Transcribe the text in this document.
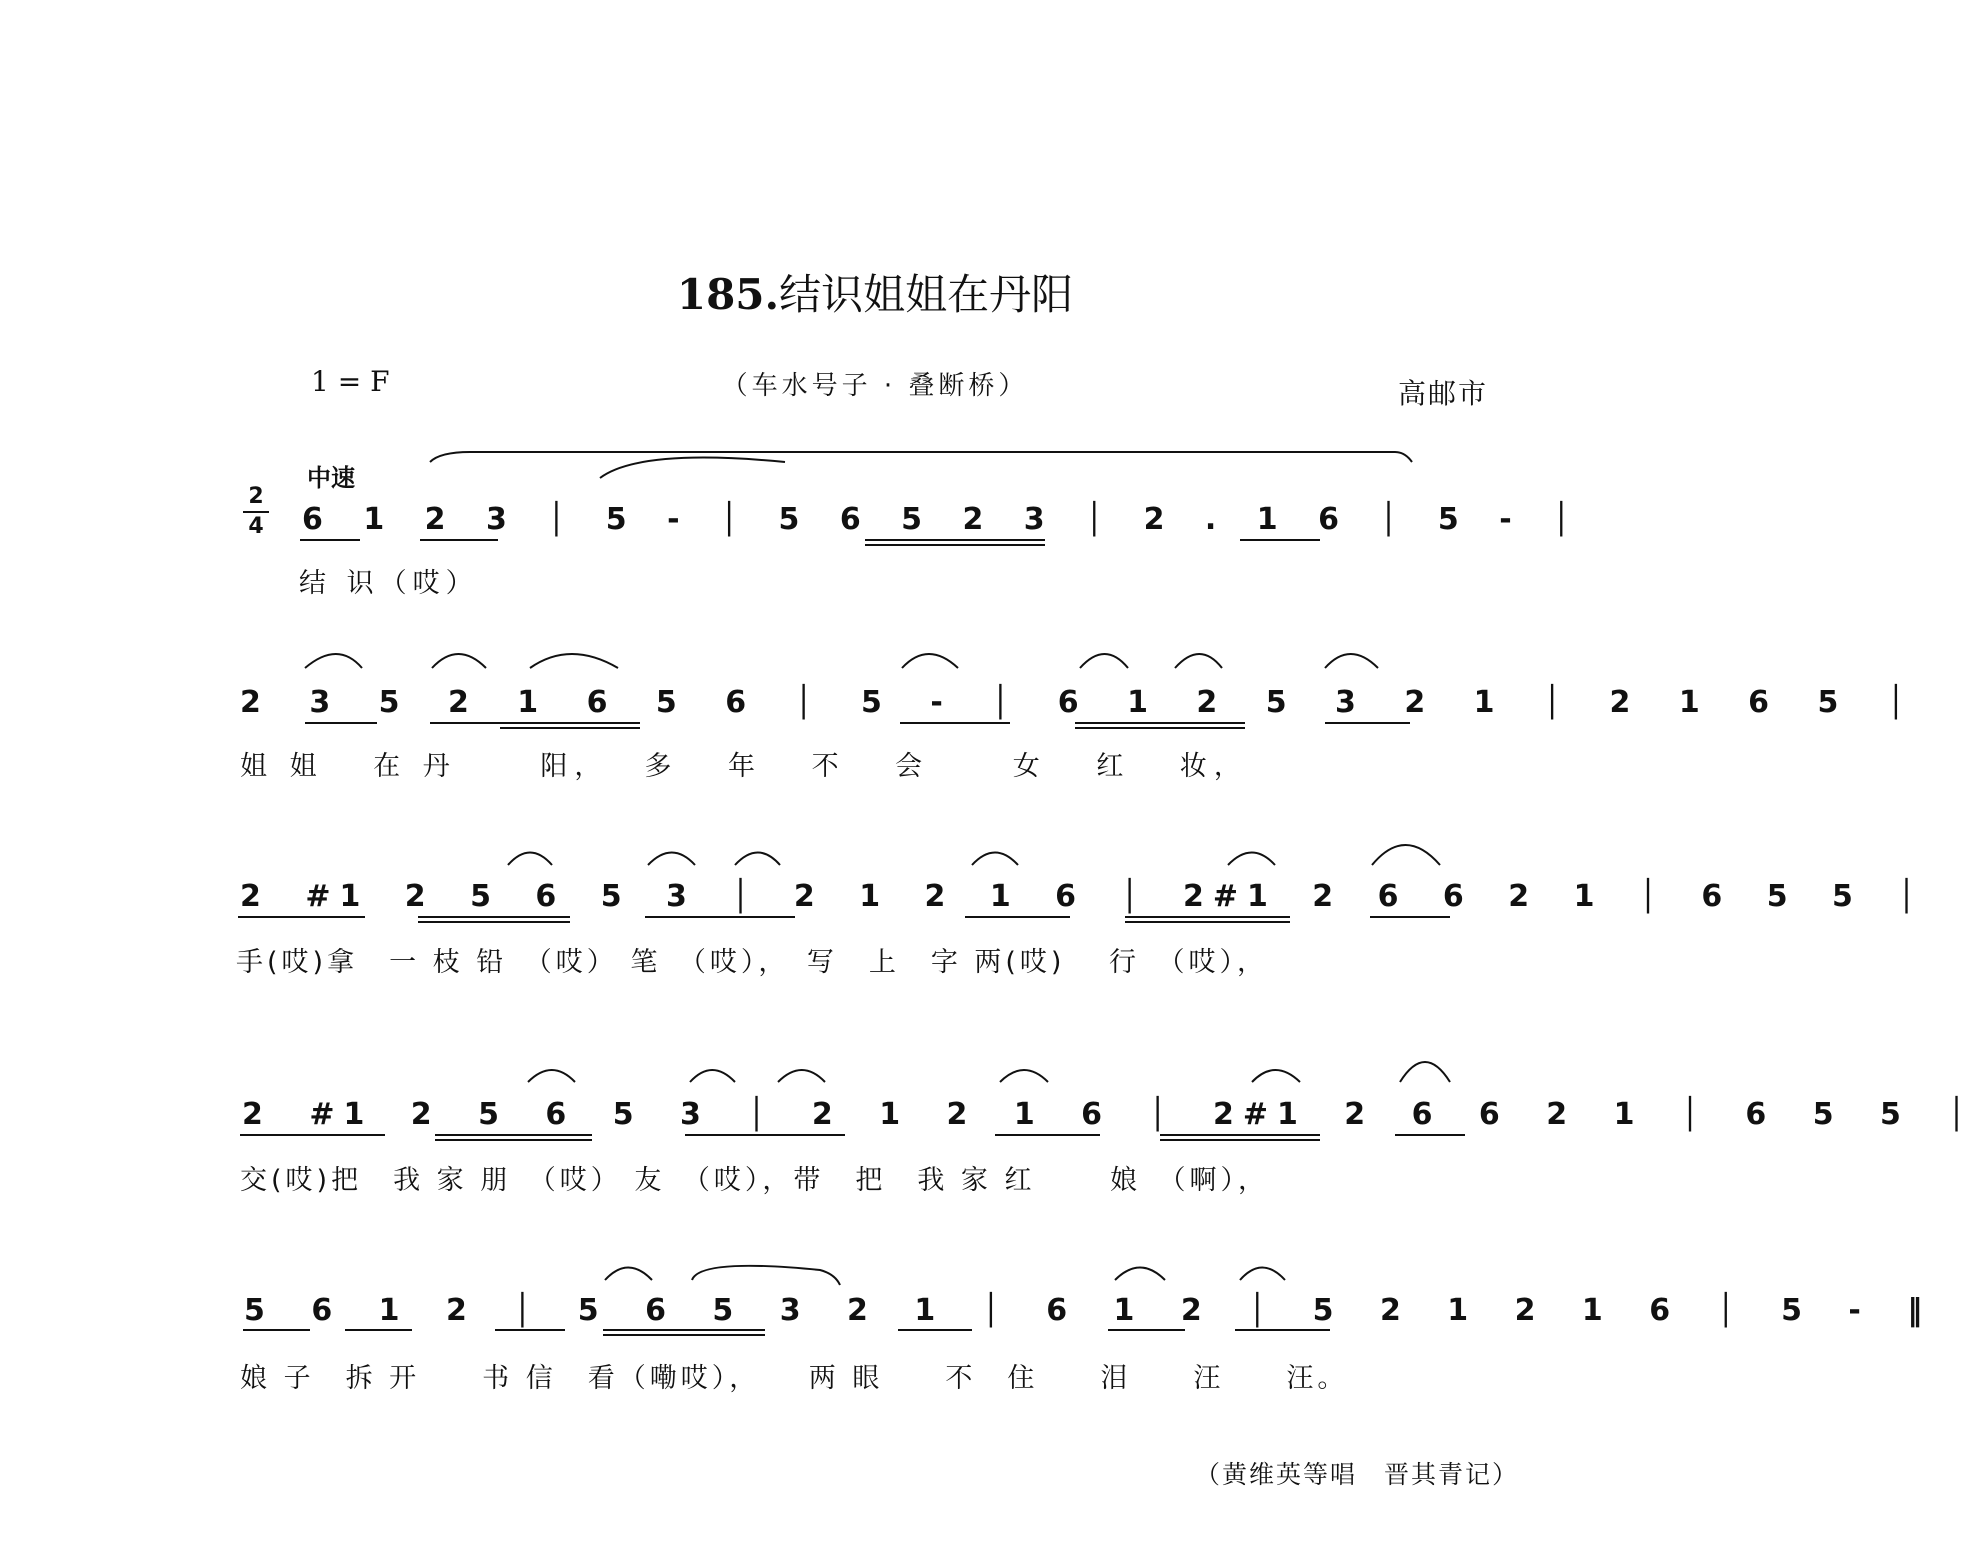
185.结识姐姐在丹阳
1 = F	（车水号子 · 叠断桥）	高邮市
中速
2
4 6 1 2 3 │ 5 - │ 5 6 5 2 3 │ 2 . 1 6 │ 5 - │
结 识（哎）
2 3 5 2 1 6 5 6 │ 5 - │ 6 1 2 5 3 2 1 │ 2 1 6 5 │
姐 姐　 在 丹　　 阳，　 多　 年　 不　 会　　 女　 红　 妆，
2 #1 2 5 6 5 3 │ 2 1 2 1 6 │ 2#1 2 6 6 2 1 │ 6 5 5 │
手(哎)拿　一 枝 铅　（哎） 笔　（哎），　写　上　字 两(哎)　 行　（哎），
2 #1 2 5 6 5 3 │ 2 1 2 1 6 │ 2#1 2 6 6 2 1 │ 6 5 5 │
交(哎)把　我 家 朋　（哎） 友　（哎），带　把　我 家 红　　 娘　（啊），
5 6 1 2 │ 5 6 5 3 2 1 │ 6 1 2 │ 5 2 1 2 1 6 │ 5 - ‖
娘 子　拆 开　　书 信　看（嘞哎），　　两 眼　　不　住　　泪　　汪　　汪。
（黄维英等唱　晋其青记）
